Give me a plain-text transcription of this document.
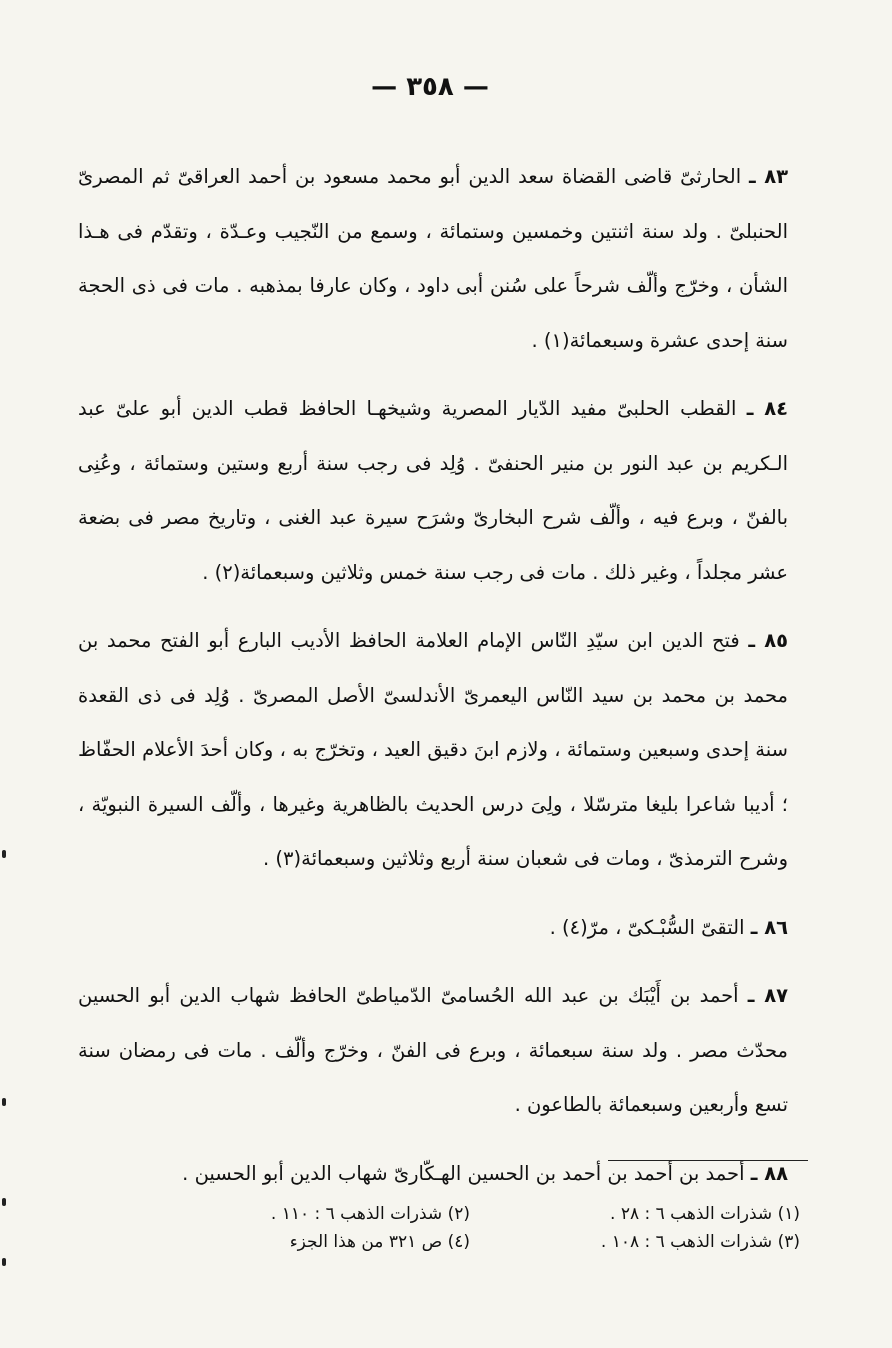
— ٣٥٨ —

٨٣ ـ الحارثىّ قاضى القضاة سعد الدين أبو محمد مسعود بن أحمد العراقىّ ثم المصرىّ الحنبلىّ . ولد سنة اثنتين وخمسين وستمائة ، وسمع من النّجيب وعـدّة ، وتقدّم فى هـذا الشأن ، وخرّج وألّف شرحاً على سُنن أبى داود ، وكان عارفا بمذهبه . مات فى ذى الحجة سنة إحدى عشرة وسبعمائة(١) .

٨٤ ـ القطب الحلبىّ مفيد الدّيار المصرية وشيخهـا الحافظ قطب الدين أبو علىّ عبد الـكريم بن عبد النور بن منير الحنفىّ . وُلِد فى رجب سنة أربع وستين وستمائة ، وعُنِى بالفنّ ، وبرع فيه ، وألّف شرح البخارىّ وشرَح سيرة عبد الغنى ، وتاريخ مصر فى بضعة عشر مجلداً ، وغير ذلك . مات فى رجب سنة خمس وثلاثين وسبعمائة(٢) .

٨٥ ـ فتح الدين ابن سيّدِ النّاس الإمام العلامة الحافظ الأديب البارع أبو الفتح محمد بن محمد بن محمد بن سيد النّاس اليعمرىّ الأندلسىّ الأصل المصرىّ . وُلِد فى ذى القعدة سنة إحدى وسبعين وستمائة ، ولازم ابنَ دقيق العيد ، وتخرّج به ، وكان أحدَ الأعلام الحفّاظ ؛ أديبا شاعرا بليغا مترسّلا ، ولِىَ درس الحديث بالظاهرية وغيرها ، وألّف السيرة النبويّة ، وشرح الترمذىّ ، ومات فى شعبان سنة أربع وثلاثين وسبعمائة(٣) .

٨٦ ـ التقىّ السُّبْـكىّ ، مرّ(٤) .

٨٧ ـ أحمد بن أَيْبَك بن عبد الله الحُسامىّ الدّمياطىّ الحافظ شهاب الدين أبو الحسين محدّث مصر . ولد سنة سبعمائة ، وبرع فى الفنّ ، وخرّج وألّف . مات فى رمضان سنة تسع وأربعين وسبعمائة بالطاعون .

٨٨ ـ أحمد بن أحمد بن أحمد بن الحسين الهـكّارىّ شهاب الدين أبو الحسين .

(١) شذرات الذهب ٦ : ٢٨ .
(٢) شذرات الذهب ٦ : ١١٠ .
(٣) شذرات الذهب ٦ : ١٠٨ .
(٤) ص ٣٢١ من هذا الجزء
